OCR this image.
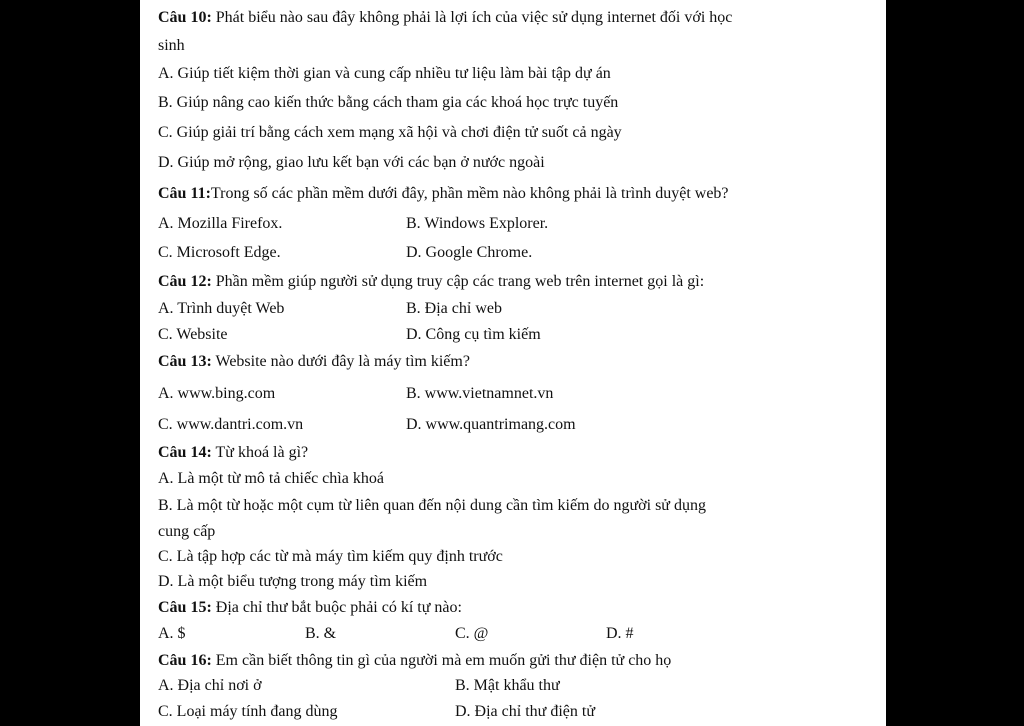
Câu 10: Phát biểu nào sau đây không phải là lợi ích của việc sử dụng internet đối với học
sinh
A. Giúp tiết kiệm thời gian và cung cấp nhiều tư liệu làm bài tập dự án
B. Giúp nâng cao kiến thức bằng cách tham gia các khoá học trực tuyến
C. Giúp giải trí bằng cách xem mạng xã hội và chơi điện tử suốt cả ngày
D. Giúp mở rộng, giao lưu kết bạn với các bạn ở nước ngoài
Câu 11:Trong số các phần mềm dưới đây, phần mềm nào không phải là trình duyệt web?
A. Mozilla Firefox.	B. Windows Explorer.
C. Microsoft Edge.	D. Google Chrome.
Câu 12: Phần mềm giúp người sử dụng truy cập các trang web trên internet gọi là gì:
A. Trình duyệt Web	B. Địa chỉ web
C. Website	D. Công cụ tìm kiếm
Câu 13: Website nào dưới đây là máy tìm kiếm?
A. www.bing.com	B. www.vietnamnet.vn
C. www.dantri.com.vn	D. www.quantrimang.com
Câu 14: Từ khoá là gì?
A. Là một từ mô tả chiếc chìa khoá
B. Là một từ hoặc một cụm từ liên quan đến nội dung cần tìm kiếm do người sử dụng
cung cấp
C. Là tập hợp các từ mà máy tìm kiếm quy định trước
D. Là một biểu tượng trong máy tìm kiếm
Câu 15: Địa chỉ thư bắt buộc phải có kí tự nào:
A. $	B. &	C. @	D. #
Câu 16: Em cần biết thông tin gì của người mà em muốn gửi thư điện tử cho họ
A. Địa chỉ nơi ở	B. Mật khẩu thư
C. Loại máy tính đang dùng	D. Địa chỉ thư điện tử
